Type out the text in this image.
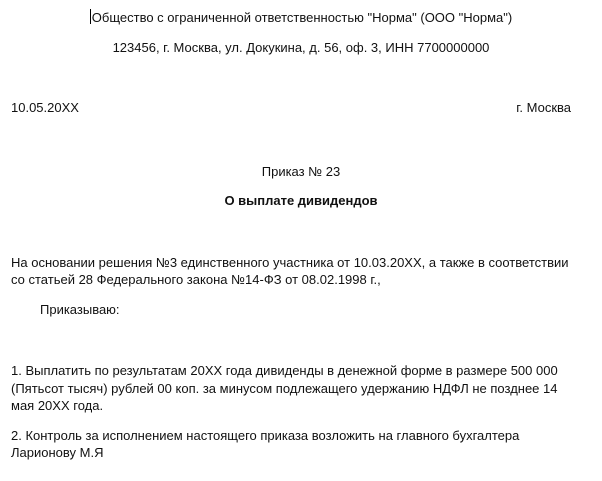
Общество с ограниченной ответственностью "Норма" (ООО "Норма")
123456, г. Москва, ул. Докукина, д. 56, оф. 3, ИНН 7700000000
10.05.20ХХ	г. Москва
Приказ № 23
О выплате дивидендов
На основании решения №3 единственного участника от 10.03.20ХХ, а также в соответствии
со статьей 28 Федерального закона №14-ФЗ от 08.02.1998 г.,
Приказываю:
1. Выплатить по результатам 20ХХ года дивиденды в денежной форме в размере 500 000
(Пятьсот тысяч) рублей 00 коп. за минусом подлежащего удержанию НДФЛ не позднее 14
мая 20ХХ года.
2. Контроль за исполнением настоящего приказа возложить на главного бухгалтера
Ларионову М.Я
